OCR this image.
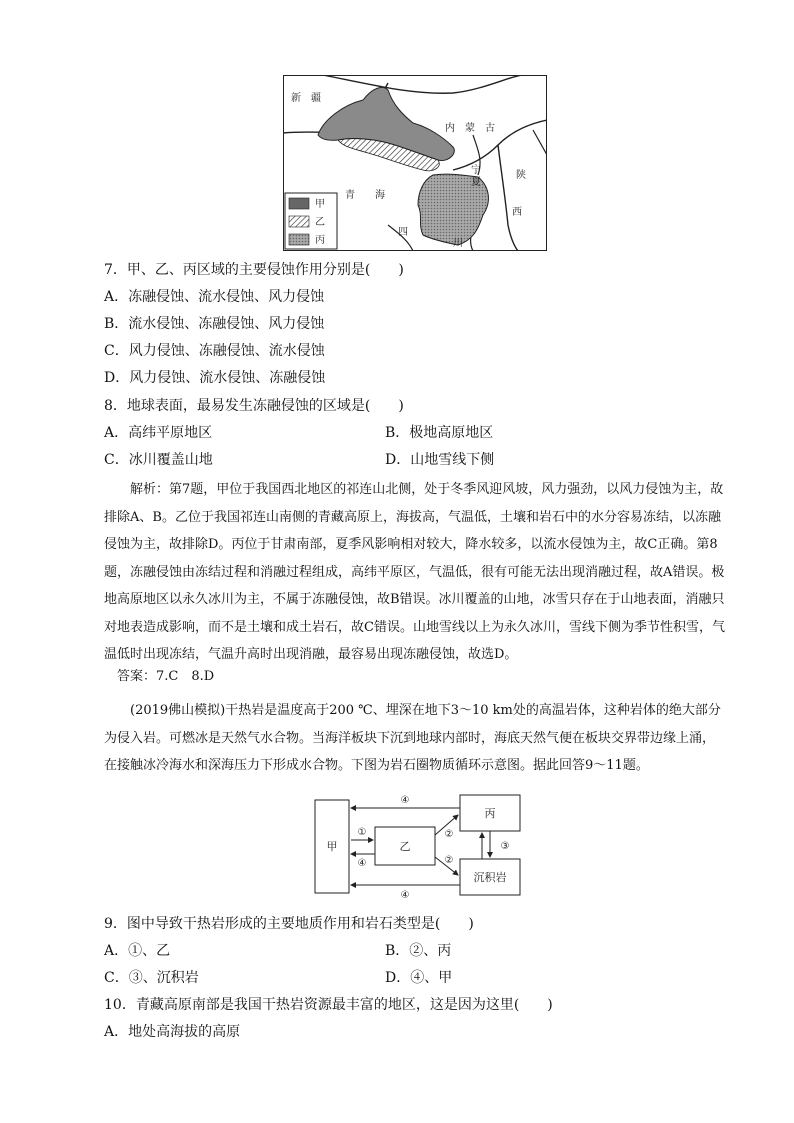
甲
乙
丙
新　疆
内　蒙　古
青　　海
宁
夏
陕
西
四
川
7．甲、乙、丙区域的主要侵蚀作用分别是(　　)
A．冻融侵蚀、流水侵蚀、风力侵蚀
B．流水侵蚀、冻融侵蚀、风力侵蚀
C．风力侵蚀、冻融侵蚀、流水侵蚀
D．风力侵蚀、流水侵蚀、冻融侵蚀
8．地球表面，最易发生冻融侵蚀的区域是(　　)
A．高纬平原地区	B．极地高原地区
C．冰川覆盖山地	D．山地雪线下侧
　　解析：第7题，甲位于我国西北地区的祁连山北侧，处于冬季风迎风坡，风力强劲，以风力侵蚀为主，故排除A、B。乙位于我国祁连山南侧的青藏高原上，海拔高，气温低，土壤和岩石中的水分容易冻结，以冻融侵蚀为主，故排除D。丙位于甘肃南部，夏季风影响相对较大，降水较多，以流水侵蚀为主，故C正确。第8题，冻融侵蚀由冻结过程和消融过程组成，高纬平原区，气温低，很有可能无法出现消融过程，故A错误。极地高原地区以永久冰川为主，不属于冻融侵蚀，故B错误。冰川覆盖的山地，冰雪只存在于山地表面，消融只对地表造成影响，而不是土壤和成土岩石，故C错误。山地雪线以上为永久冰川，雪线下侧为季节性积雪，气温低时出现冻结，气温升高时出现消融，最容易出现冻融侵蚀，故选D。
答案：7.C　8.D
　　(2019佛山模拟)干热岩是温度高于200 ℃、埋深在地下3～10 km处的高温岩体，这种岩体的绝大部分为侵入岩。可燃冰是天然气水合物。当海洋板块下沉到地球内部时，海底天然气便在板块交界带边缘上涌，在接触冰冷海水和深海压力下形成水合物。下图为岩石圈物质循环示意图。据此回答9～11题。
甲	乙
丙
沉积岩
④
①
④
②
②
③
④
9．图中导致干热岩形成的主要地质作用和岩石类型是(　　)
A．①、乙	B．②、丙
C．③、沉积岩	D．④、甲
10．青藏高原南部是我国干热岩资源最丰富的地区，这是因为这里(　　)
A．地处高海拔的高原
